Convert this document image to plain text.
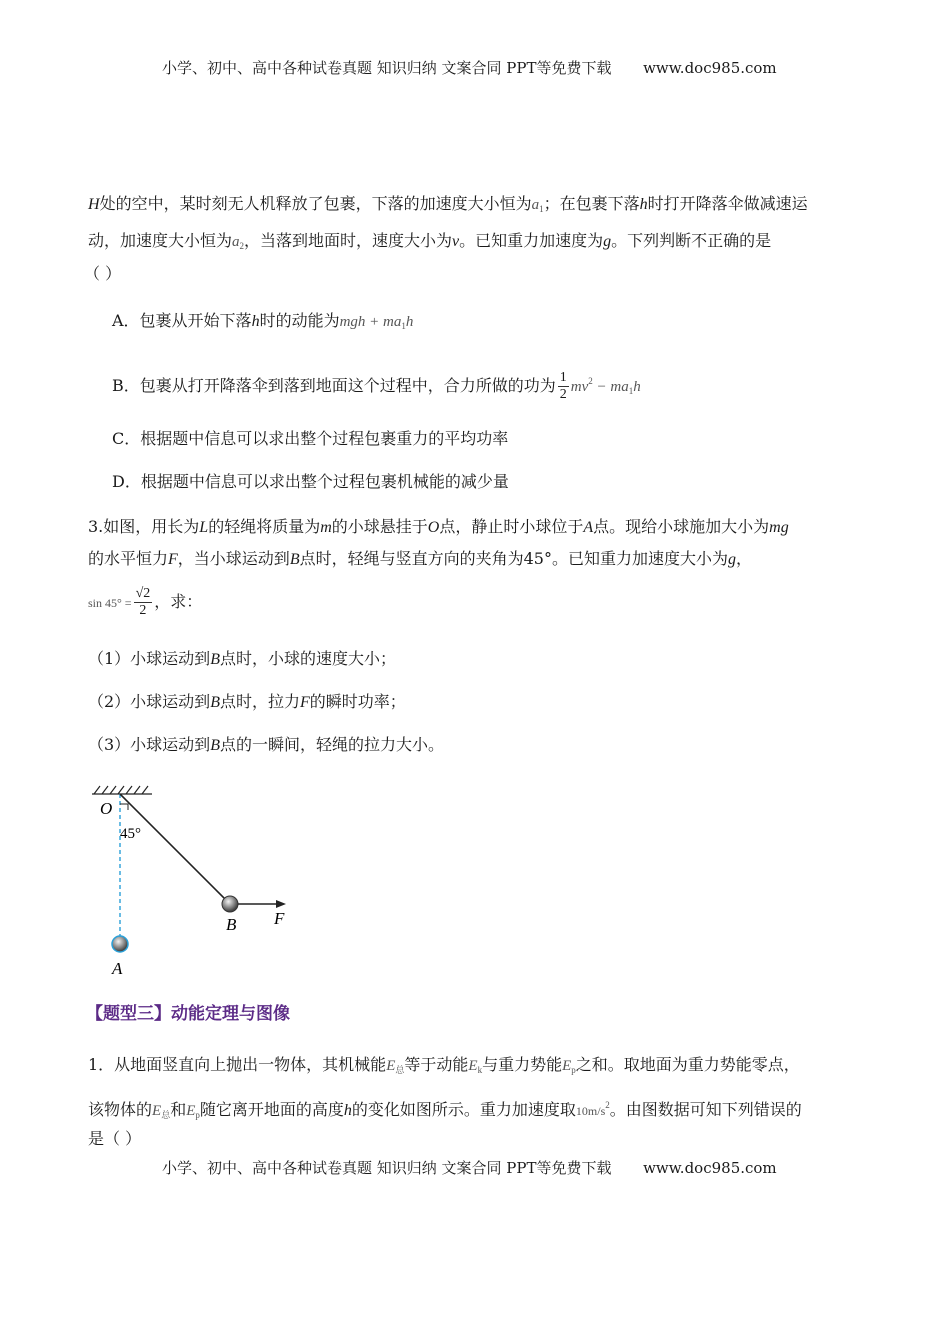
小学、初中、高中各种试卷真题 知识归纳 文案合同 PPT等免费下载 www.doc985.com
H处的空中，某时刻无人机释放了包裹，下落的加速度大小恒为$a_1$；在包裹下落h时打开降落伞做减速运
动，加速度大小恒为$a_2$，当落到地面时，速度大小为v。已知重力加速度为g。下列判断不正确的是
（ ）
A．包裹从开始下落h时的动能为mgh + $ma_1h$
B．包裹从打开降落伞到落到地面这个过程中，合力所做的功为 $\frac{1}{2} mv^2 - ma_1h$
C．根据题中信息可以求出整个过程包裹重力的平均功率
D．根据题中信息可以求出整个过程包裹机械能的减少量
3.如图，用长为L的轻绳将质量为m的小球悬挂于O点，静止时小球位于A点。现给小球施加大小为mg
的水平恒力F，当小球运动到B点时，轻绳与竖直方向的夹角为45°。已知重力加速度大小为g，
$\sin 45^\circ = \frac{√2}{2}$ ，求：
（1）小球运动到B点时，小球的速度大小；
（2）小球运动到B点时，拉力F的瞬时功率；
（3）小球运动到B点的一瞬间，轻绳的拉力大小。
O
45°
A
B F
【题型三】动能定理与图像
1．从地面竖直向上抛出一物体，其机械能$E_总$等于动能$E_k$与重力势能$E_p$之和。取地面为重力势能零点，
该物体的$E_总$和$E_p$随它离开地面的高度h的变化如图所示。重力加速度取$10m/s^2$。由图数据可知下列错误的
是（ ）
小学、初中、高中各种试卷真题 知识归纳 文案合同 PPT等免费下载 www.doc985.com
